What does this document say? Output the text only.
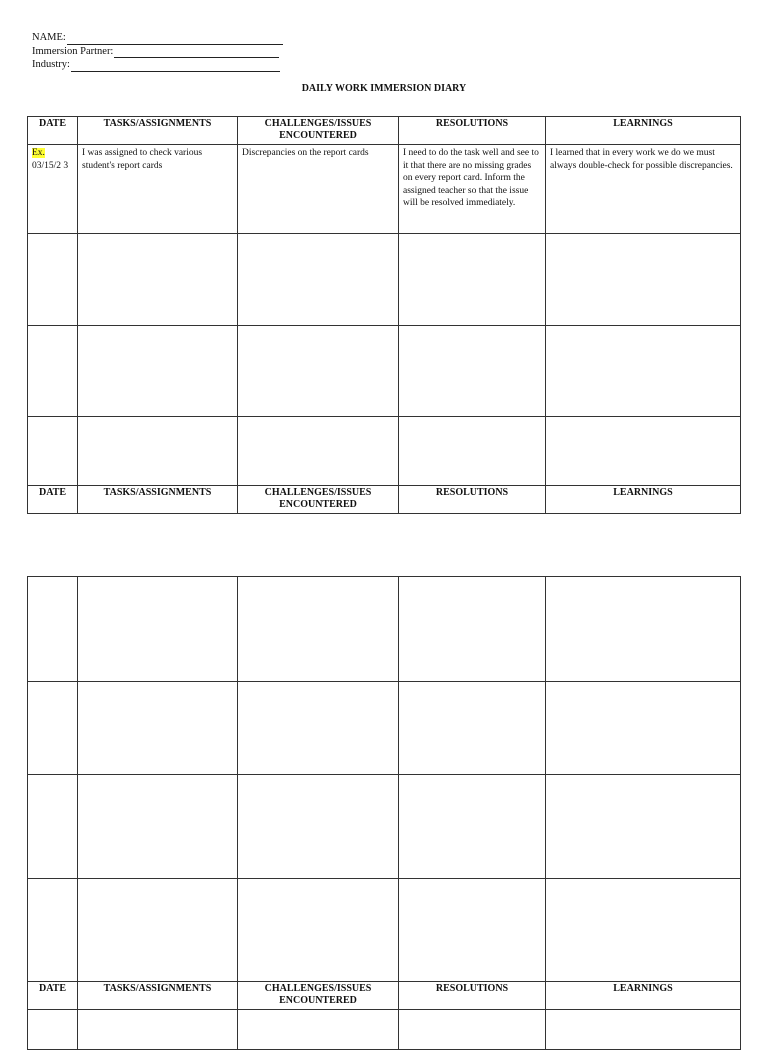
NAME:
Immersion Partner:
Industry:
DAILY WORK IMMERSION DIARY
DATE	TASKS/ASSIGNMENTS	CHALLENGES/ISSUES
ENCOUNTERED	RESOLUTIONS	LEARNINGS
Ex.
03/15/2 3	I was assigned to check various student's report cards	Discrepancies on the report cards	I need to do the task well and see to it that there are no missing grades on every report card. Inform the assigned teacher so that the issue will be resolved immediately.	I learned that in every work we do we must always double-check for possible discrepancies.

DATE	TASKS/ASSIGNMENTS	CHALLENGES/ISSUES
ENCOUNTERED	RESOLUTIONS	LEARNINGS

DATE	TASKS/ASSIGNMENTS	CHALLENGES/ISSUES
ENCOUNTERED	RESOLUTIONS	LEARNINGS
